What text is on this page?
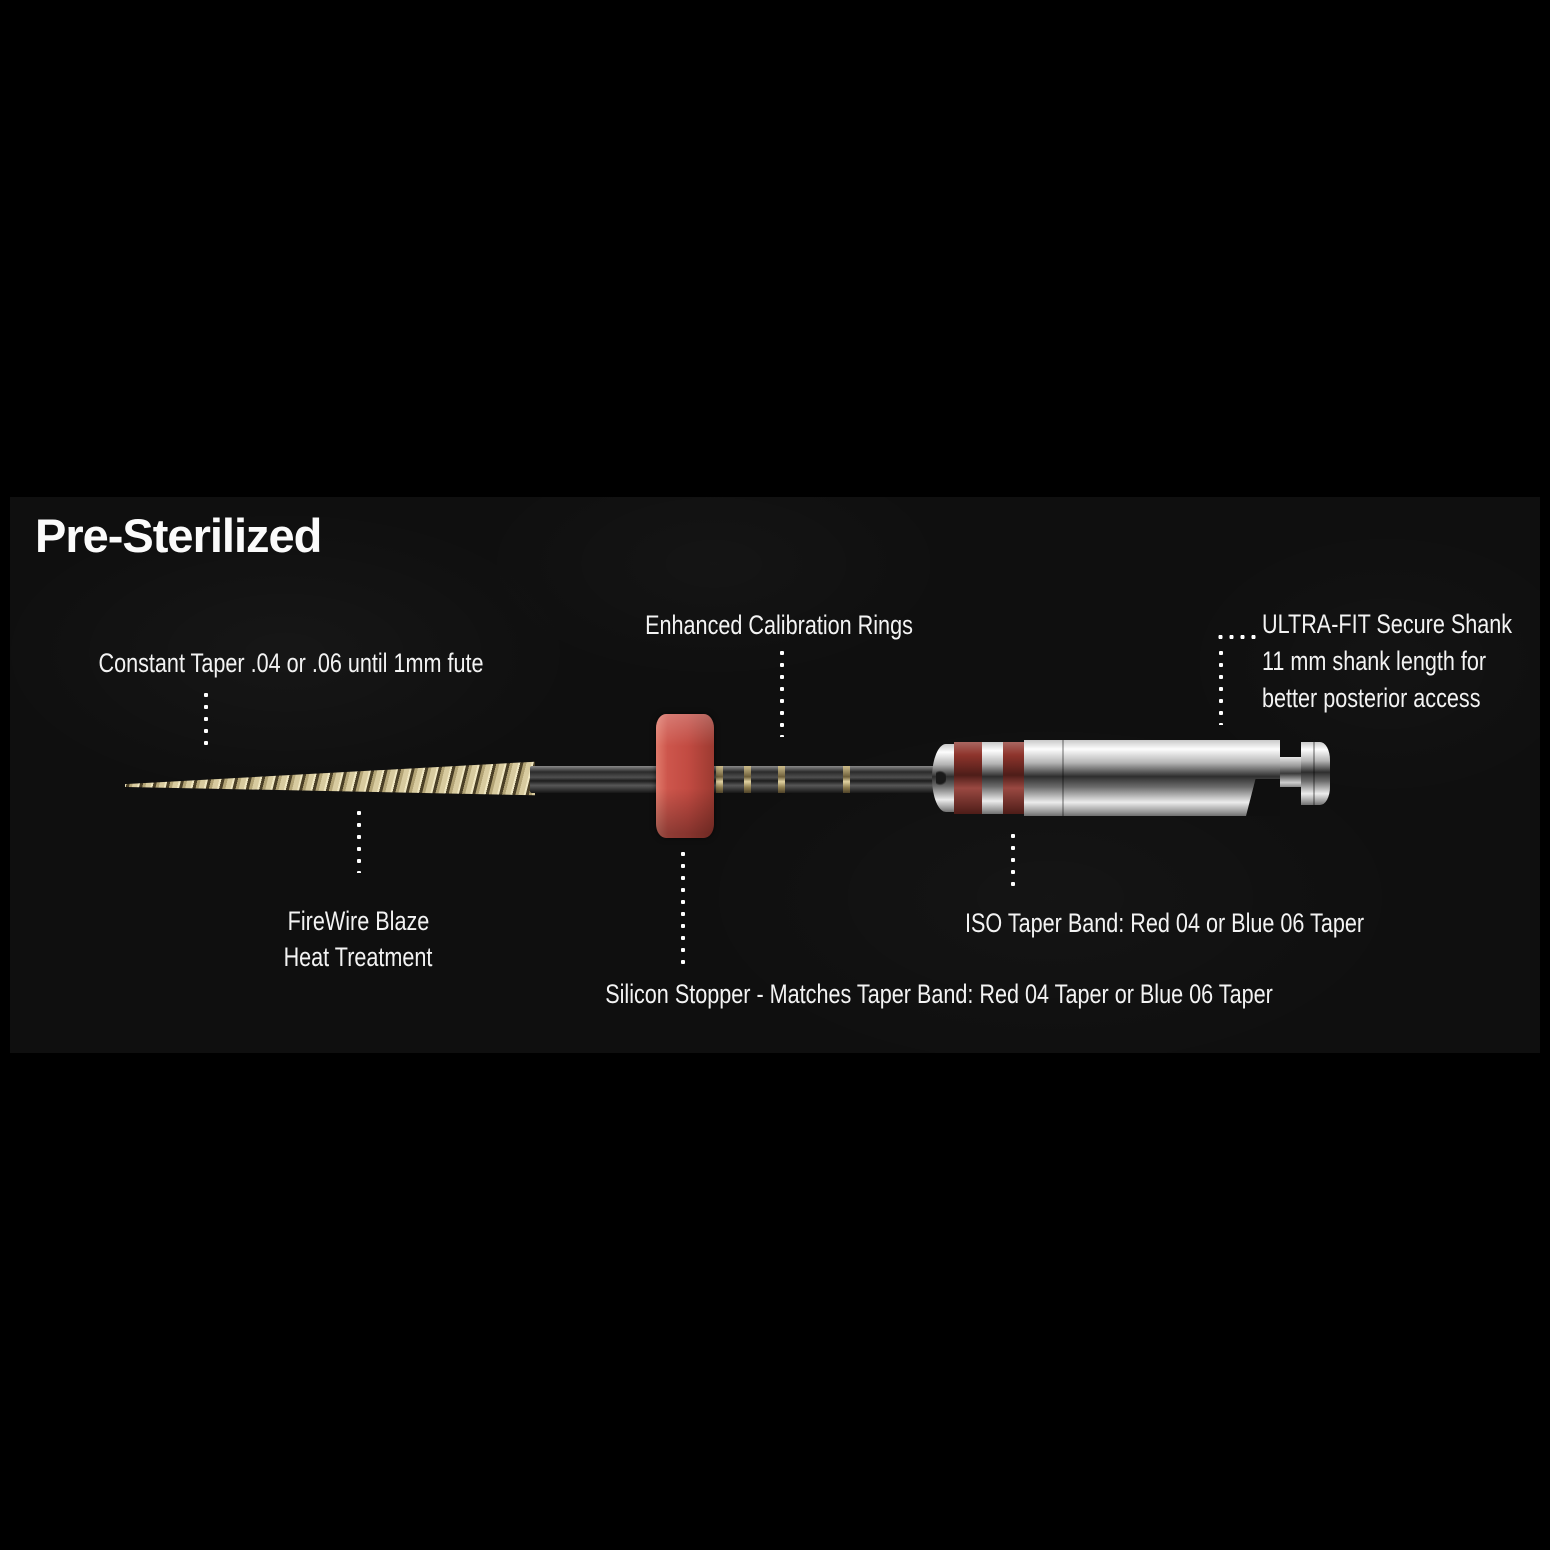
Pre-Sterilized
Constant Taper .04 or .06 until 1mm fute
Enhanced Calibration Rings	ULTRA-FIT Secure Shank
11 mm shank length for
better posterior access
FireWire Blaze
Heat Treatment
ISO Taper Band: Red 04 or Blue 06 Taper
Silicon Stopper - Matches Taper Band: Red 04 Taper or Blue 06 Taper
